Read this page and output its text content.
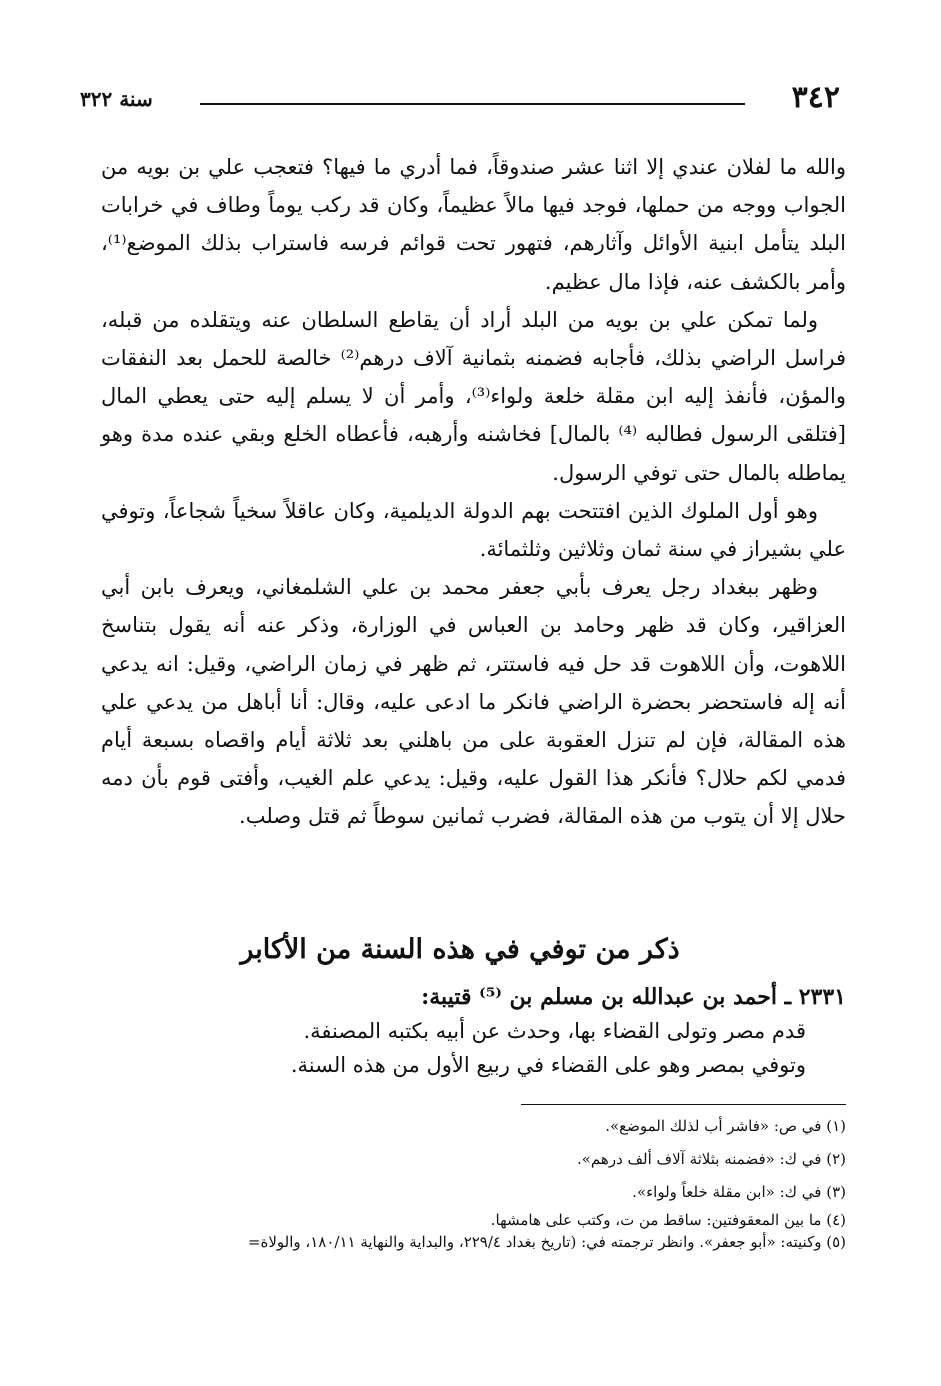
٣٤٢
سنة ٣٢٢

والله ما لفلان عندي إلا اثنا عشر صندوقاً، فما أدري ما فيها؟ فتعجب علي بن بويه من الجواب ووجه من حملها، فوجد فيها مالاً عظيماً، وكان قد ركب يوماً وطاف في خرابات البلد يتأمل ابنية الأوائل وآثارهم، فتهور تحت قوائم فرسه فاستراب بذلك الموضع⁽¹⁾، وأمر بالكشف عنه، فإذا مال عظيم.

ولما تمكن علي بن بويه من البلد أراد أن يقاطع السلطان عنه ويتقلده من قبله، فراسل الراضي بذلك، فأجابه فضمنه بثمانية آلاف درهم⁽²⁾ خالصة للحمل بعد النفقات والمؤن، فأنفذ إليه ابن مقلة خلعة ولواء⁽³⁾، وأمر أن لا يسلم إليه حتى يعطي المال [فتلقى الرسول فطالبه ⁽⁴⁾ بالمال] فخاشنه وأرهبه، فأعطاه الخلع وبقي عنده مدة وهو يماطله بالمال حتى توفي الرسول.

وهو أول الملوك الذين افتتحت بهم الدولة الديلمية، وكان عاقلاً سخياً شجاعاً، وتوفي علي بشيراز في سنة ثمان وثلاثين وثلثمائة.

وظهر ببغداد رجل يعرف بأبي جعفر محمد بن علي الشلمغاني، ويعرف بابن أبي العزاقير، وكان قد ظهر وحامد بن العباس في الوزارة، وذكر عنه أنه يقول بتناسخ اللاهوت، وأن اللاهوت قد حل فيه فاستتر، ثم ظهر في زمان الراضي، وقيل: انه يدعي أنه إله فاستحضر بحضرة الراضي فانكر ما ادعى عليه، وقال: أنا أباهل من يدعي علي هذه المقالة، فإن لم تنزل العقوبة على من باهلني بعد ثلاثة أيام واقصاه بسبعة أيام فدمي لكم حلال؟ فأنكر هذا القول عليه، وقيل: يدعي علم الغيب، وأفتى قوم بأن دمه حلال إلا أن يتوب من هذه المقالة، فضرب ثمانين سوطاً ثم قتل وصلب.

ذكر من توفي في هذه السنة من الأكابر

٢٣٣١ ـ أحمد بن عبدالله بن مسلم بن ⁽⁵⁾ قتيبة:

قدم مصر وتولى القضاء بها، وحدث عن أبيه بكتبه المصنفة.

وتوفي بمصر وهو على القضاء في ربيع الأول من هذه السنة.

(١) في ص: «فاشر أب لذلك الموضع».
(٢) في ك: «فضمنه بثلاثة آلاف ألف درهم».
(٣) في ك: «ابن مقلة خلعاً ولواء».
(٤) ما بين المعقوفتين: ساقط من ت، وكتب على هامشها.
(٥) وكنيته: «أبو جعفر». وانظر ترجمته في: (تاريخ بغداد ٢٢٩/٤، والبداية والنهاية ١٨٠/١١، والولاة=
